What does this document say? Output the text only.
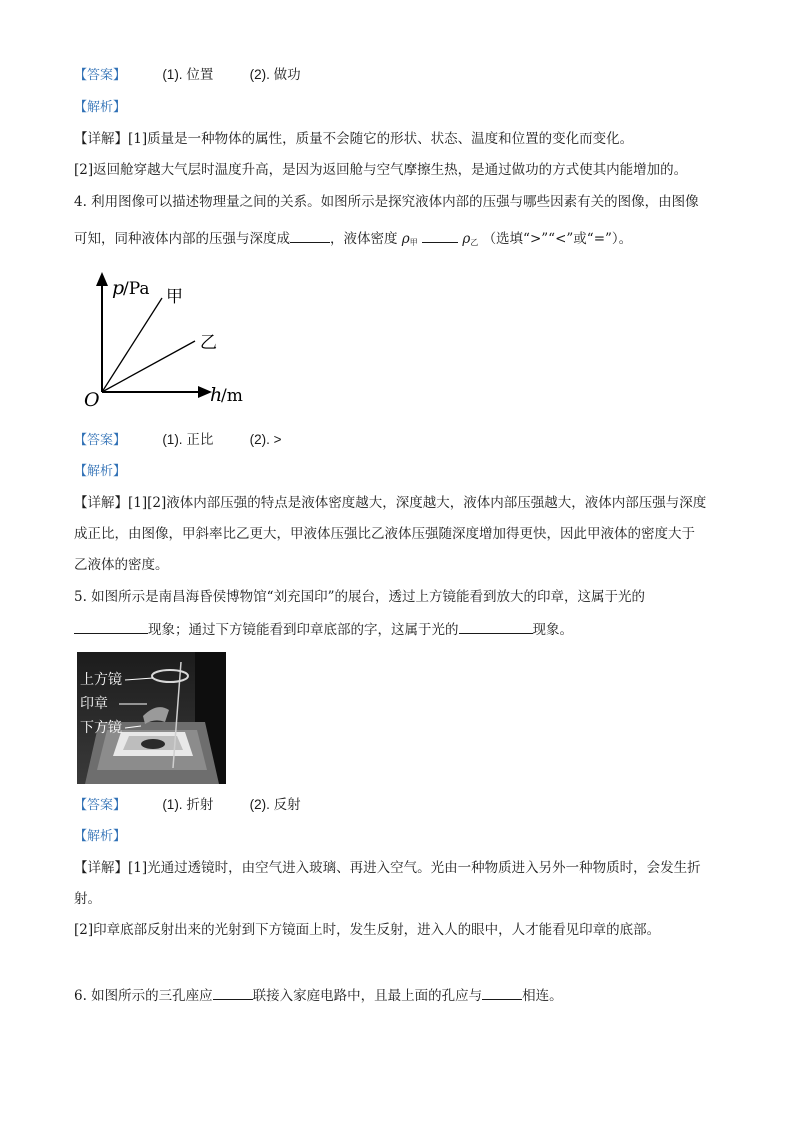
【答案】	(1). 位置	(2). 做功
【解析】
【详解】[1]质量是一种物体的属性，质量不会随它的形状、状态、温度和位置的变化而变化。
[2]返回舱穿越大气层时温度升高，是因为返回舱与空气摩擦生热，是通过做功的方式使其内能增加的。
4. 利用图像可以描述物理量之间的关系。如图所示是探究液体内部的压强与哪些因素有关的图像，由图像
可知，同种液体内部的压强与深度成	，液体密度 $\rho_甲$	$\rho_乙$ （选填“>”“<”或“=”）。
p
/Pa 甲
乙
O	h
/m
【答案】	(1). 正比	(2). >
【解析】
【详解】[1][2]液体内部压强的特点是液体密度越大，深度越大，液体内部压强越大，液体内部压强与深度
成正比，由图像，甲斜率比乙更大，甲液体压强比乙液体压强随深度增加得更快，因此甲液体的密度大于
乙液体的密度。
5. 如图所示是南昌海昏侯博物馆“刘充国印”的展台，透过上方镜能看到放大的印章，这属于光的
现象；通过下方镜能看到印章底部的字，这属于光的	现象。
上方镜
印章
下方镜
【答案】	(1). 折射	(2). 反射
【解析】
【详解】[1]光通过透镜时，由空气进入玻璃、再进入空气。光由一种物质进入另外一种物质时，会发生折
射。
[2]印章底部反射出来的光射到下方镜面上时，发生反射，进入人的眼中，人才能看见印章的底部。
6. 如图所示的三孔座应	联接入家庭电路中，且最上面的孔应与	相连。
